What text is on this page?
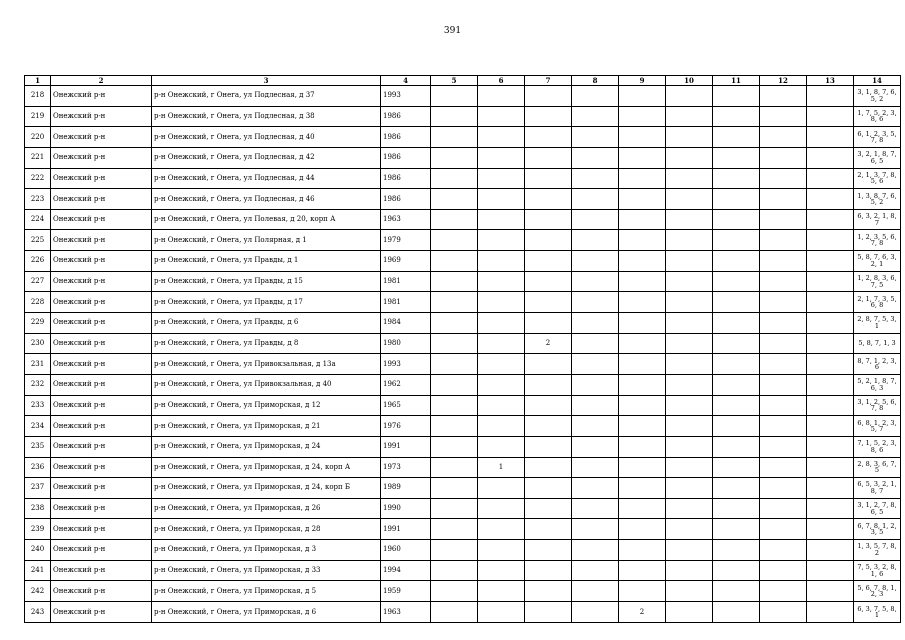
391
1	2	3	4	5	6	7	8	9	10	11	12	13	14
218	Онежский р-н	р-н Онежский, г Онега, ул Подлесная, д 37	1993										3, 1, 8, 7, 6, 5, 2
219	Онежский р-н	р-н Онежский, г Онега, ул Подлесная, д 38	1986										1, 7, 5, 2, 3, 8, 6
220	Онежский р-н	р-н Онежский, г Онега, ул Подлесная, д 40	1986										6, 1, 2, 3, 5, 7, 8
221	Онежский р-н	р-н Онежский, г Онега, ул Подлесная, д 42	1986										3, 2, 1, 8, 7, 6, 5
222	Онежский р-н	р-н Онежский, г Онега, ул Подлесная, д 44	1986										2, 1, 3, 7, 8, 5, 6
223	Онежский р-н	р-н Онежский, г Онега, ул Подлесная, д 46	1986										1, 3, 8, 7, 6, 5, 2
224	Онежский р-н	р-н Онежский, г Онега, ул Полевая, д 20, корп А	1963										6, 3, 2, 1, 8, 7
225	Онежский р-н	р-н Онежский, г Онега, ул Полярная, д 1	1979										1, 2, 3, 5, 6, 7, 8
226	Онежский р-н	р-н Онежский, г Онега, ул Правды, д 1	1969										5, 8, 7, 6, 3, 2, 1
227	Онежский р-н	р-н Онежский, г Онега, ул Правды, д 15	1981										1, 2, 8, 3, 6, 7, 5
228	Онежский р-н	р-н Онежский, г Онега, ул Правды, д 17	1981										2, 1, 7, 3, 5, 6, 8
229	Онежский р-н	р-н Онежский, г Онега, ул Правды, д 6	1984										2, 8, 7, 5, 3, 1
230	Онежский р-н	р-н Онежский, г Онега, ул Правды, д 8	1980			2							5, 8, 7, 1, 3
231	Онежский р-н	р-н Онежский, г Онега, ул Привокзальная, д 13а	1993										8, 7, 1, 2, 3, 6
232	Онежский р-н	р-н Онежский, г Онега, ул Привокзальная, д 40	1962										5, 2, 1, 8, 7, 6, 3
233	Онежский р-н	р-н Онежский, г Онега, ул Приморская, д 12	1965										3, 1, 2, 5, 6, 7, 8
234	Онежский р-н	р-н Онежский, г Онега, ул Приморская, д 21	1976										6, 8, 1, 2, 3, 5, 7
235	Онежский р-н	р-н Онежский, г Онега, ул Приморская, д 24	1991										7, 1, 5, 2, 3, 8, 6
236	Онежский р-н	р-н Онежский, г Онега, ул Приморская, д 24, корп А	1973		1								2, 8, 3, 6, 7, 5
237	Онежский р-н	р-н Онежский, г Онега, ул Приморская, д 24, корп Б	1989										6, 5, 3, 2, 1, 8, 7
238	Онежский р-н	р-н Онежский, г Онега, ул Приморская, д 26	1990										3, 1, 2, 7, 8, 6, 5
239	Онежский р-н	р-н Онежский, г Онега, ул Приморская, д 28	1991										6, 7, 8, 1, 2, 3, 5
240	Онежский р-н	р-н Онежский, г Онега, ул Приморская, д 3	1960										1, 3, 5, 7, 8, 2
241	Онежский р-н	р-н Онежский, г Онега, ул Приморская, д 33	1994										7, 5, 3, 2, 8, 1, 6
242	Онежский р-н	р-н Онежский, г Онега, ул Приморская, д 5	1959										5, 6, 7, 8, 1, 2, 3
243	Онежский р-н	р-н Онежский, г Онега, ул Приморская, д 6	1963					2					6, 3, 7, 5, 8, 1
